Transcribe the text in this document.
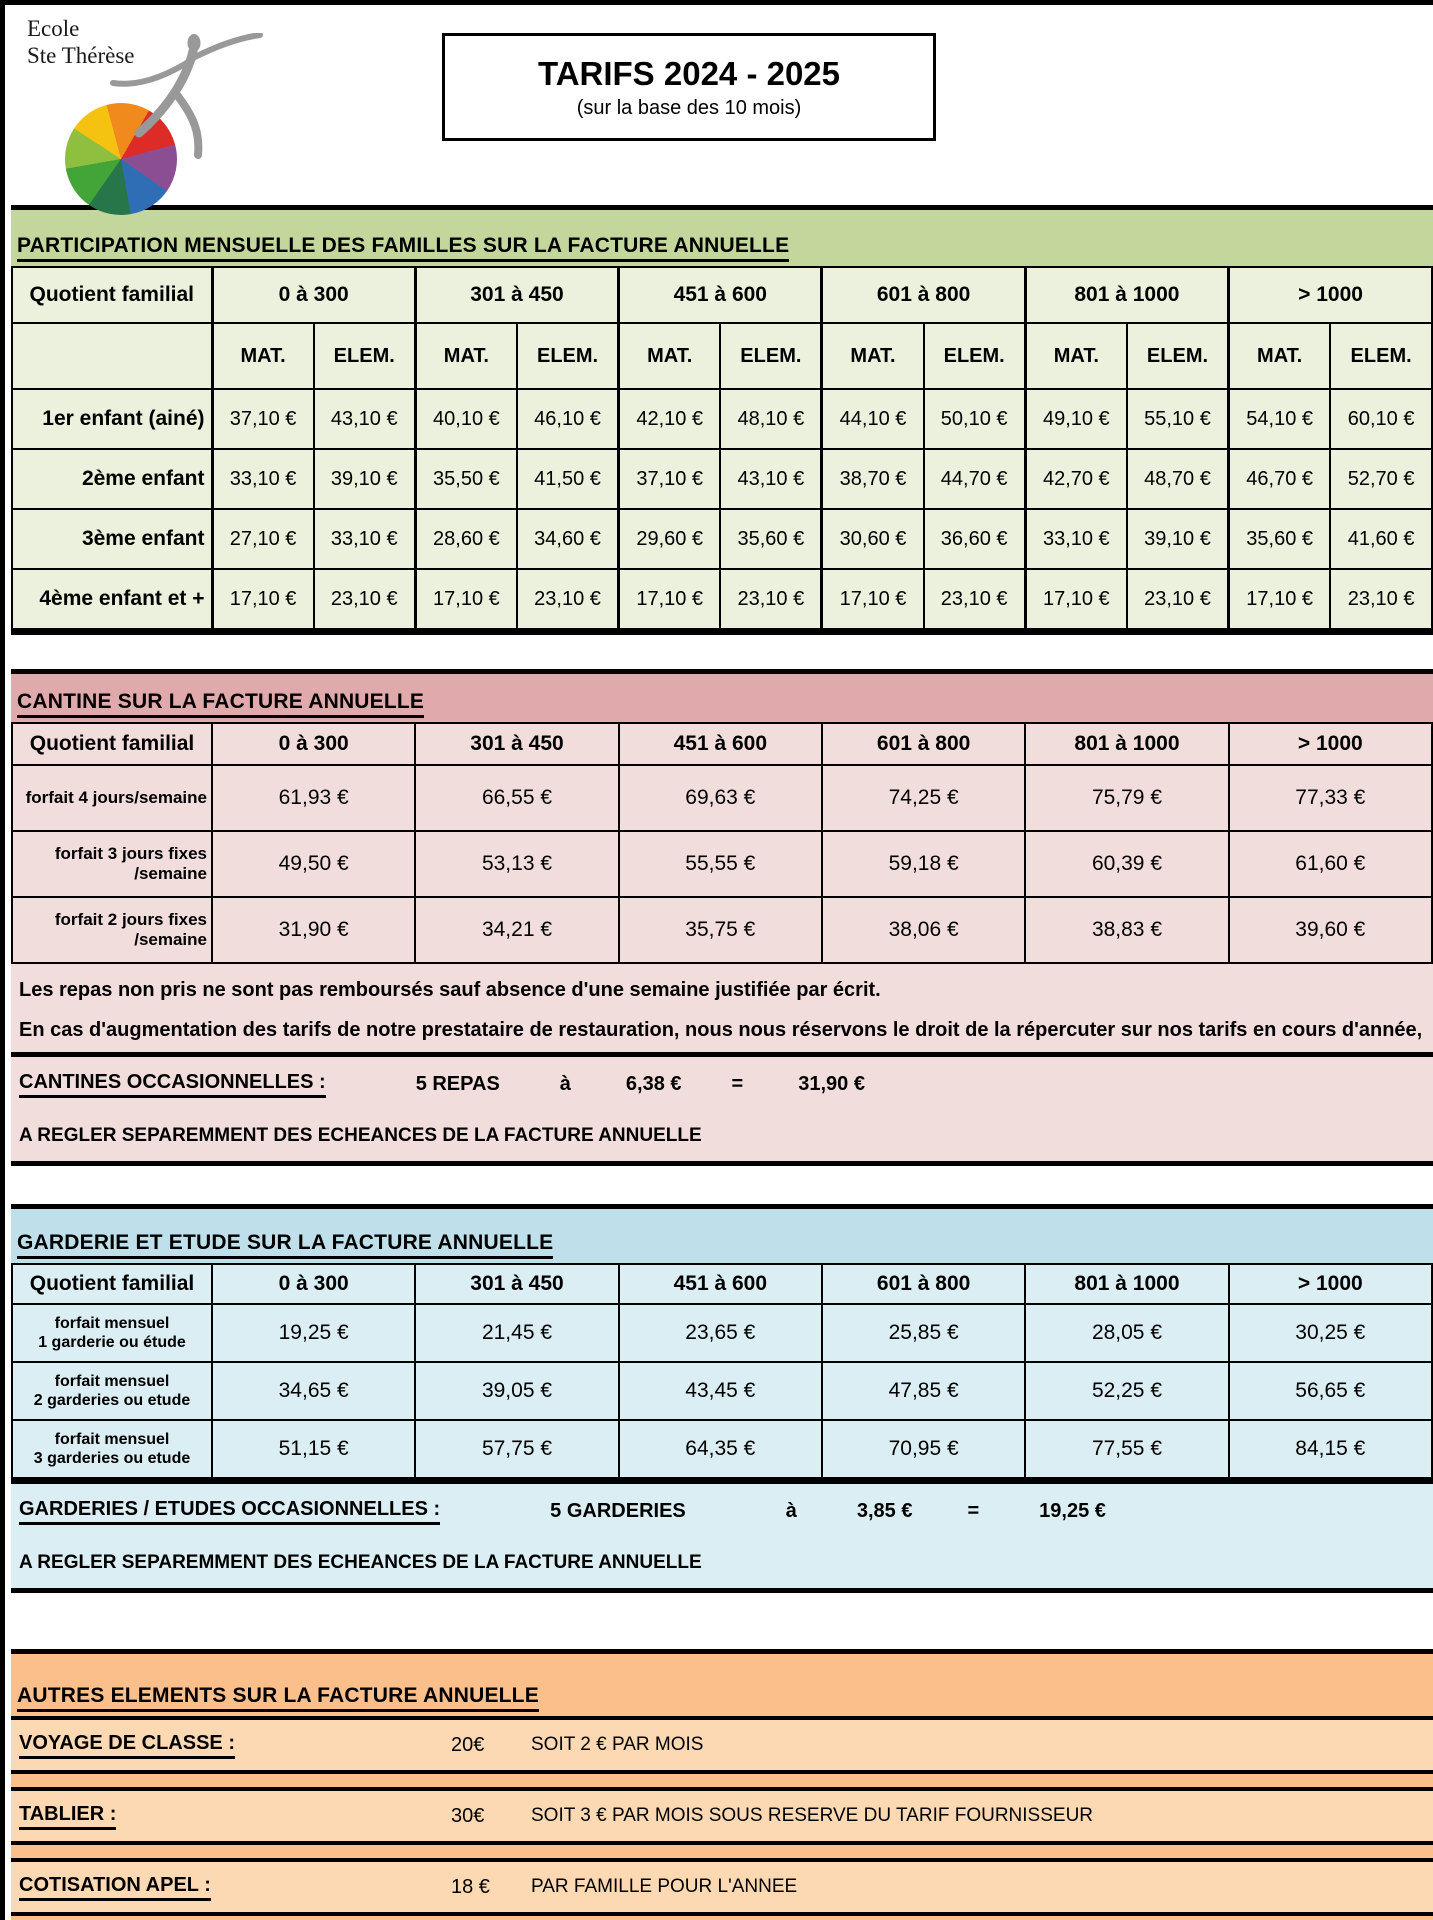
Ecole
Ste Thérèse	TARIFS 2024 - 2025
(sur la base des 10 mois)
PARTICIPATION MENSUELLE DES FAMILLES SUR LA FACTURE ANNUELLE
Quotient familial	0 à 300		301 à 450		451 à 600		601 à 800		801 à 1000		> 1000	
	MAT.	ELEM.	MAT.	ELEM.	MAT.	ELEM.	MAT.	ELEM.	MAT.	ELEM.	MAT.	ELEM.
1er enfant (ainé)	37,10 €	43,10 €	40,10 €	46,10 €	42,10 €	48,10 €	44,10 €	50,10 €	49,10 €	55,10 €	54,10 €	60,10 €
2ème enfant	33,10 €	39,10 €	35,50 €	41,50 €	37,10 €	43,10 €	38,70 €	44,70 €	42,70 €	48,70 €	46,70 €	52,70 €
3ème enfant	27,10 €	33,10 €	28,60 €	34,60 €	29,60 €	35,60 €	30,60 €	36,60 €	33,10 €	39,10 €	35,60 €	41,60 €
4ème enfant et +	17,10 €	23,10 €	17,10 €	23,10 €	17,10 €	23,10 €	17,10 €	23,10 €	17,10 €	23,10 €	17,10 €	23,10 €
CANTINE SUR LA FACTURE ANNUELLE
Quotient familial	0 à 300	301 à 450	451 à 600	601 à 800	801 à 1000	> 1000

forfait 4 jours/semaine	61,93 €	66,55 €	69,63 €	74,25 €	75,79 €	77,33 €

forfait 3 jours fixes
/semaine	49,50 €	53,13 €	55,55 €	59,18 €	60,39 €	61,60 €

forfait 2 jours fixes
/semaine	31,90 €	34,21 €	35,75 €	38,06 €	38,83 €	39,60 €
Les repas non pris ne sont pas remboursés sauf absence d'une semaine justifiée par écrit.
En cas d'augmentation des tarifs de notre prestataire de restauration, nous nous réservons le droit de la répercuter sur nos tarifs en cours d'année,
CANTINES OCCASIONNELLES :	5 REPAS	à	6,38 €	=	31,90 €
A REGLER SEPAREMMENT DES ECHEANCES DE LA FACTURE ANNUELLE
GARDERIE ET ETUDE SUR LA FACTURE ANNUELLE
Quotient familial	0 à 300	301 à 450	451 à 600	601 à 800	801 à 1000	> 1000

forfait mensuel
1 garderie ou étude	19,25 €	21,45 €	23,65 €	25,85 €	28,05 €	30,25 €

forfait mensuel
2 garderies ou etude	34,65 €	39,05 €	43,45 €	47,85 €	52,25 €	56,65 €

forfait mensuel
3 garderies ou etude	51,15 €	57,75 €	64,35 €	70,95 €	77,55 €	84,15 €
GARDERIES / ETUDES OCCASIONNELLES :	5 GARDERIES	à	3,85 €	=	19,25 €
A REGLER SEPAREMMENT DES ECHEANCES DE LA FACTURE ANNUELLE
AUTRES ELEMENTS SUR LA FACTURE ANNUELLE
VOYAGE DE CLASSE :	20€	SOIT 2 € PAR MOIS
TABLIER :	30€	SOIT 3 € PAR MOIS SOUS RESERVE DU TARIF FOURNISSEUR
COTISATION APEL :	18 €	PAR FAMILLE POUR L'ANNEE
